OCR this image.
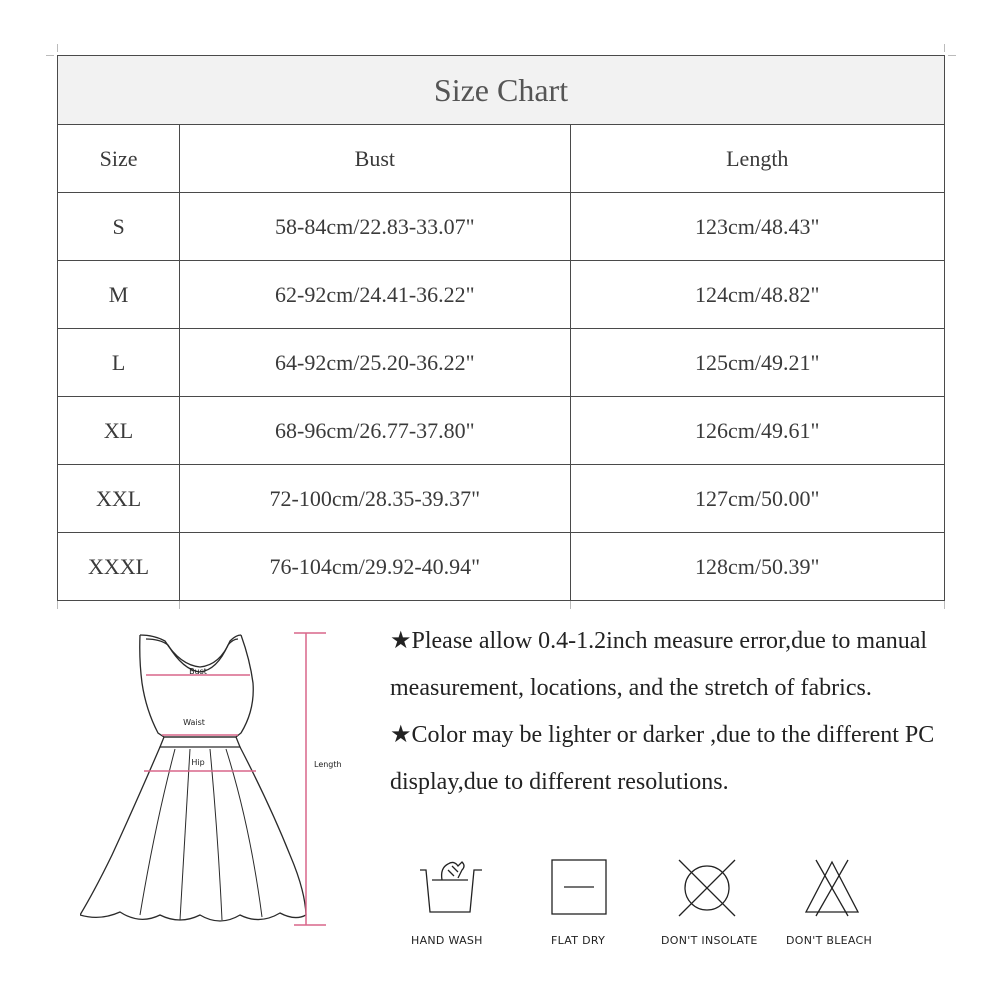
Size Chart		
Size	Bust	Length
S	58-84cm/22.83-33.07"	123cm/48.43"
M	62-92cm/24.41-36.22"	124cm/48.82"
L	64-92cm/25.20-36.22"	125cm/49.21"
XL	68-96cm/26.77-37.80"	126cm/49.61"
XXL	72-100cm/28.35-39.37"	127cm/50.00"
XXXL	76-104cm/29.92-40.94"	128cm/50.39"
Bust
Waist
Hip	Length

★Please allow 0.4-1.2inch measure error,due to manual measurement, locations, and the stretch of fabrics.

★Color may be lighter or darker ,due to the different PC display,due to different resolutions.

HAND WASH	FLAT DRY	DON'T INSOLATE	DON'T BLEACH
